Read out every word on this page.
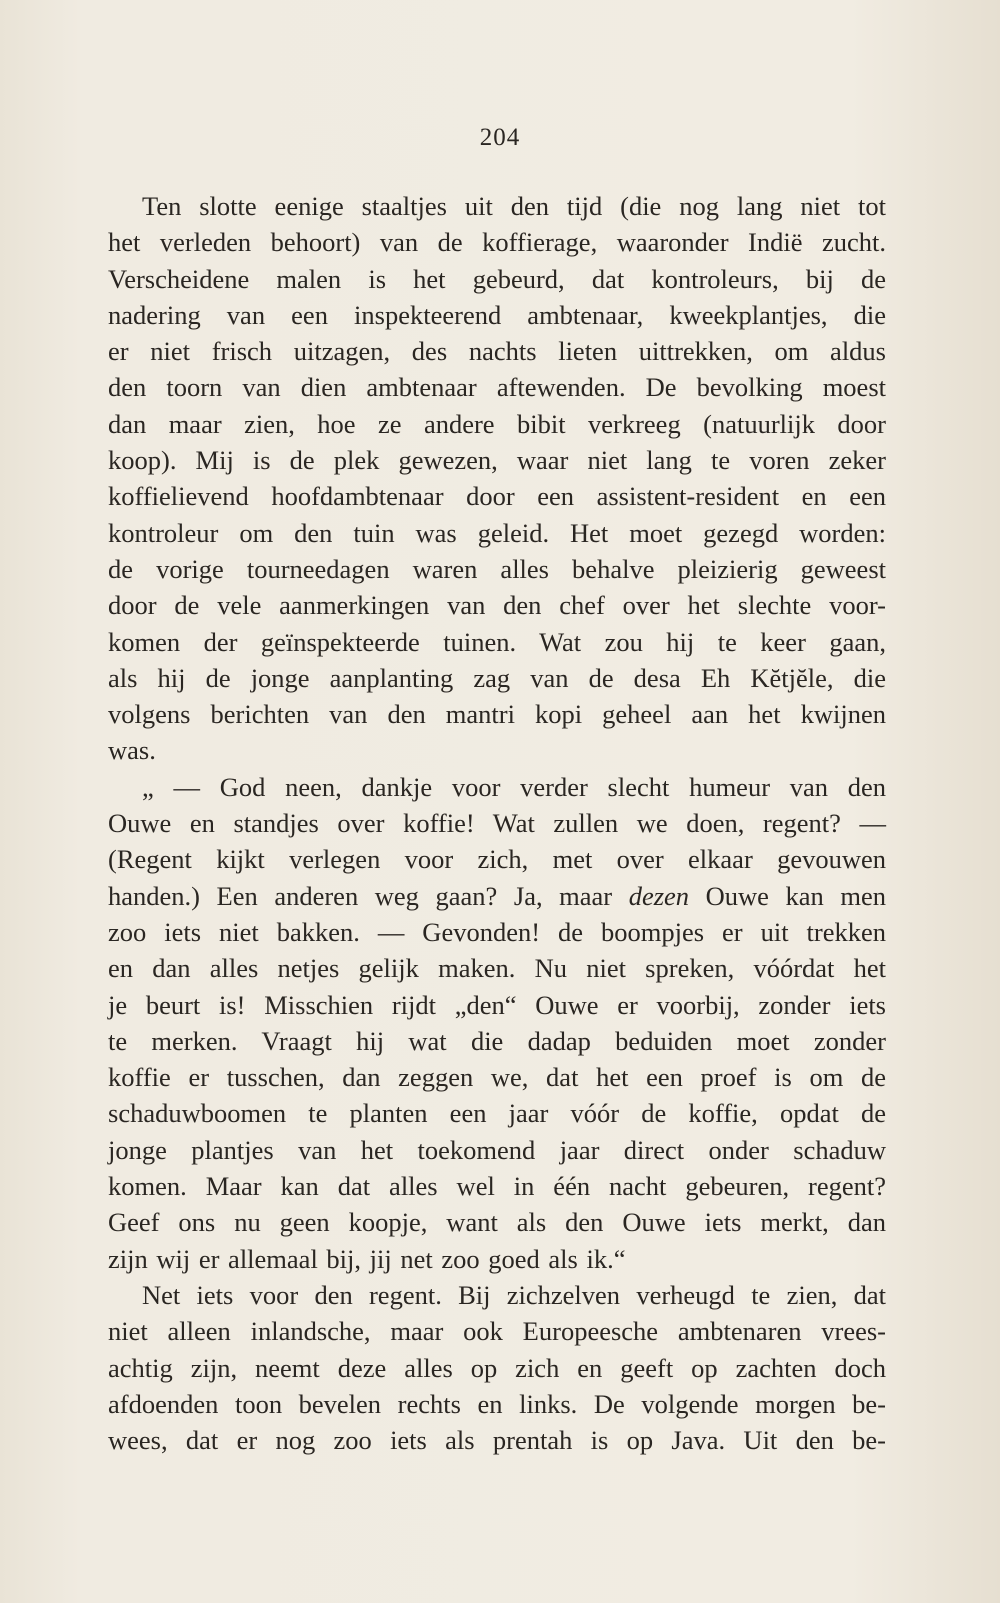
204
Ten slotte eenige staaltjes uit den tijd (die nog lang niet tot
het verleden behoort) van de koffierage, waaronder Indië zucht.
Verscheidene malen is het gebeurd, dat kontroleurs, bij de
nadering van een inspekteerend ambtenaar, kweekplantjes, die
er niet frisch uitzagen, des nachts lieten uittrekken, om aldus
den toorn van dien ambtenaar aftewenden. De bevolking moest
dan maar zien, hoe ze andere bibit verkreeg (natuurlijk door
koop). Mij is de plek gewezen, waar niet lang te voren zeker
koffielievend hoofdambtenaar door een assistent-resident en een
kontroleur om den tuin was geleid. Het moet gezegd worden:
de vorige tourneedagen waren alles behalve pleizierig geweest
door de vele aanmerkingen van den chef over het slechte voor-
komen der geïnspekteerde tuinen. Wat zou hij te keer gaan,
als hij de jonge aanplanting zag van de desa Eh Kĕtjĕle, die
volgens berichten van den mantri kopi geheel aan het kwijnen
was.
„ — God neen, dankje voor verder slecht humeur van den
Ouwe en standjes over koffie! Wat zullen we doen, regent? —
(Regent kijkt verlegen voor zich, met over elkaar gevouwen
handen.) Een anderen weg gaan? Ja, maar dezen Ouwe kan men
zoo iets niet bakken. — Gevonden! de boompjes er uit trekken
en dan alles netjes gelijk maken. Nu niet spreken, vóórdat het
je beurt is! Misschien rijdt „den“ Ouwe er voorbij, zonder iets
te merken. Vraagt hij wat die dadap beduiden moet zonder
koffie er tusschen, dan zeggen we, dat het een proef is om de
schaduwboomen te planten een jaar vóór de koffie, opdat de
jonge plantjes van het toekomend jaar direct onder schaduw
komen. Maar kan dat alles wel in één nacht gebeuren, regent?
Geef ons nu geen koopje, want als den Ouwe iets merkt, dan
zijn wij er allemaal bij, jij net zoo goed als ik.“
Net iets voor den regent. Bij zichzelven verheugd te zien, dat
niet alleen inlandsche, maar ook Europeesche ambtenaren vrees-
achtig zijn, neemt deze alles op zich en geeft op zachten doch
afdoenden toon bevelen rechts en links. De volgende morgen be-
wees, dat er nog zoo iets als prentah is op Java. Uit den be-
